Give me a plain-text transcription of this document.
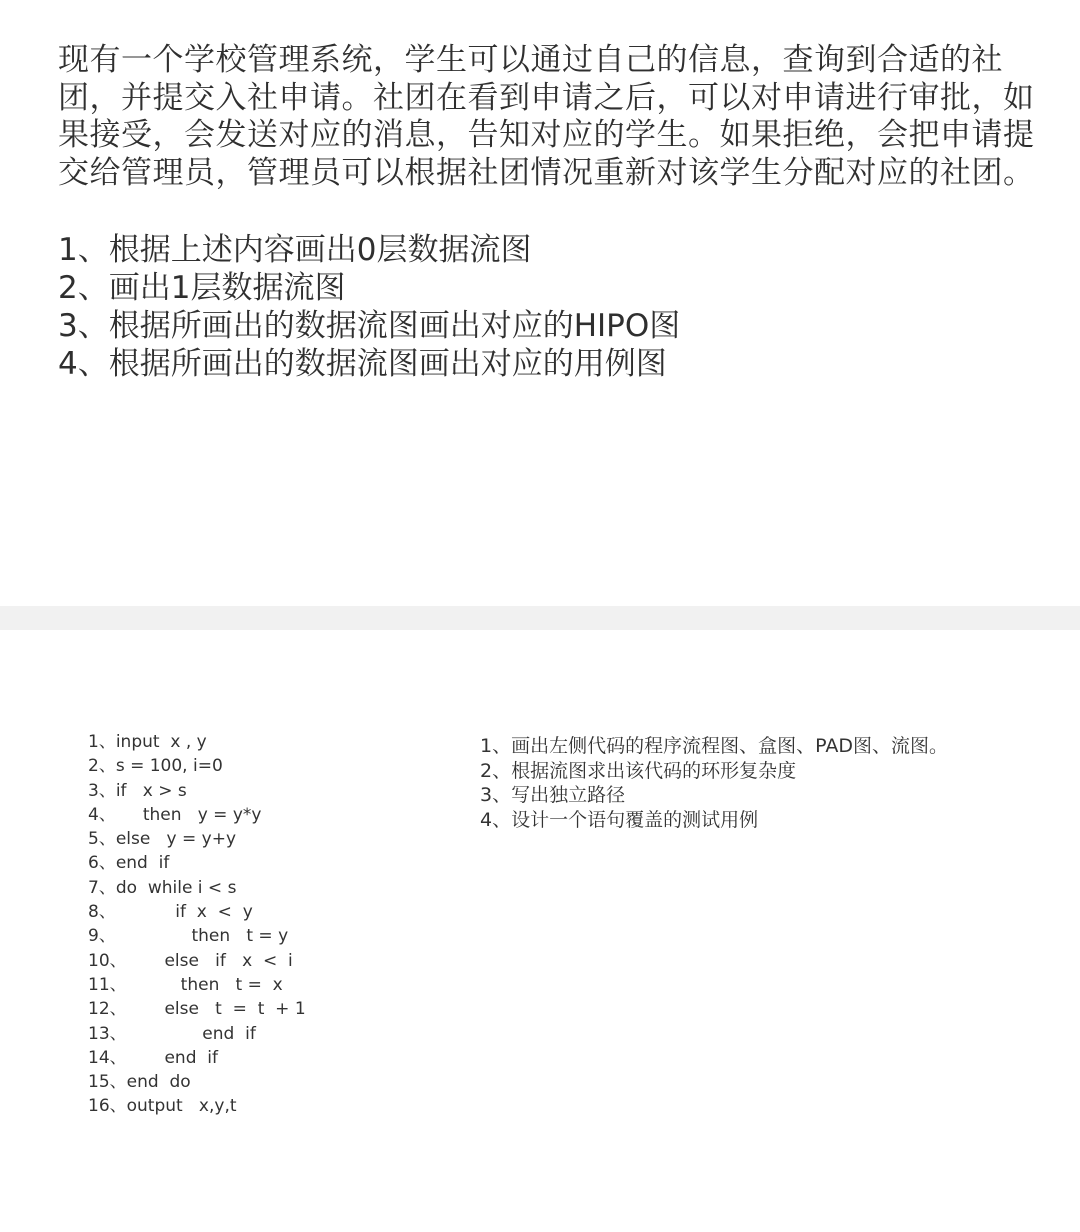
现有一个学校管理系统，学生可以通过自己的信息，查询到合适的社团，并提交入社申请。社团在看到申请之后，可以对申请进行审批，如果接受，会发送对应的消息，告知对应的学生。如果拒绝，会把申请提交给管理员，管理员可以根据社团情况重新对该学生分配对应的社团。

1、根据上述内容画出0层数据流图
2、画出1层数据流图
3、根据所画出的数据流图画出对应的HIPO图
4、根据所画出的数据流图画出对应的用例图
1、input  x , y
2、s = 100, i=0
3、if   x > s
4、     then   y = y*y
5、else   y = y+y
6、end  if
7、do  while i < s
8、           if  x  <  y
9、              then   t = y
10、       else   if   x  <  i
11、          then   t =  x
12、       else   t  =  t  + 1
13、              end  if
14、       end  if
15、end  do
16、output   x,y,t
1、画出左侧代码的程序流程图、盒图、PAD图、流图。
2、根据流图求出该代码的环形复杂度
3、写出独立路径
4、设计一个语句覆盖的测试用例
